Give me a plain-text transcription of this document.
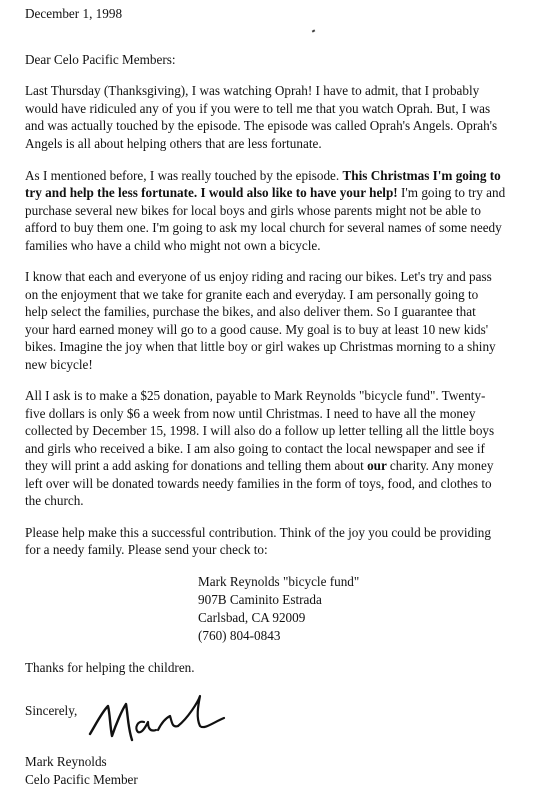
December 1, 1998

Dear Celo Pacific Members:

Last Thursday (Thanksgiving), I was watching Oprah! I have to admit, that I probably

would have ridiculed any of you if you were to tell me that you watch Oprah. But, I was

and was actually touched by the episode. The episode was called Oprah's Angels. Oprah's

Angels is all about helping others that are less fortunate.

As I mentioned before, I was really touched by the episode. This Christmas I'm going to

try and help the less fortunate. I would also like to have your help! I'm going to try and

purchase several new bikes for local boys and girls whose parents might not be able to

afford to buy them one. I'm going to ask my local church for several names of some needy

families who have a child who might not own a bicycle.

I know that each and everyone of us enjoy riding and racing our bikes. Let's try and pass

on the enjoyment that we take for granite each and everyday. I am personally going to

help select the families, purchase the bikes, and also deliver them. So I guarantee that

your hard earned money will go to a good cause. My goal is to buy at least 10 new kids'

bikes. Imagine the joy when that little boy or girl wakes up Christmas morning to a shiny

new bicycle!

All I ask is to make a $25 donation, payable to Mark Reynolds "bicycle fund". Twenty-

five dollars is only $6 a week from now until Christmas. I need to have all the money

collected by December 15, 1998. I will also do a follow up letter telling all the little boys

and girls who received a bike. I am also going to contact the local newspaper and see if

they will print a add asking for donations and telling them about our charity. Any money

left over will be donated towards needy families in the form of toys, food, and clothes to

the church.

Please help make this a successful contribution. Think of the joy you could be providing

for a needy family. Please send your check to:

Mark Reynolds "bicycle fund"

907B Caminito Estrada

Carlsbad, CA 92009

(760) 804-0843

Thanks for helping the children.

Sincerely,

Mark Reynolds

Celo Pacific Member
